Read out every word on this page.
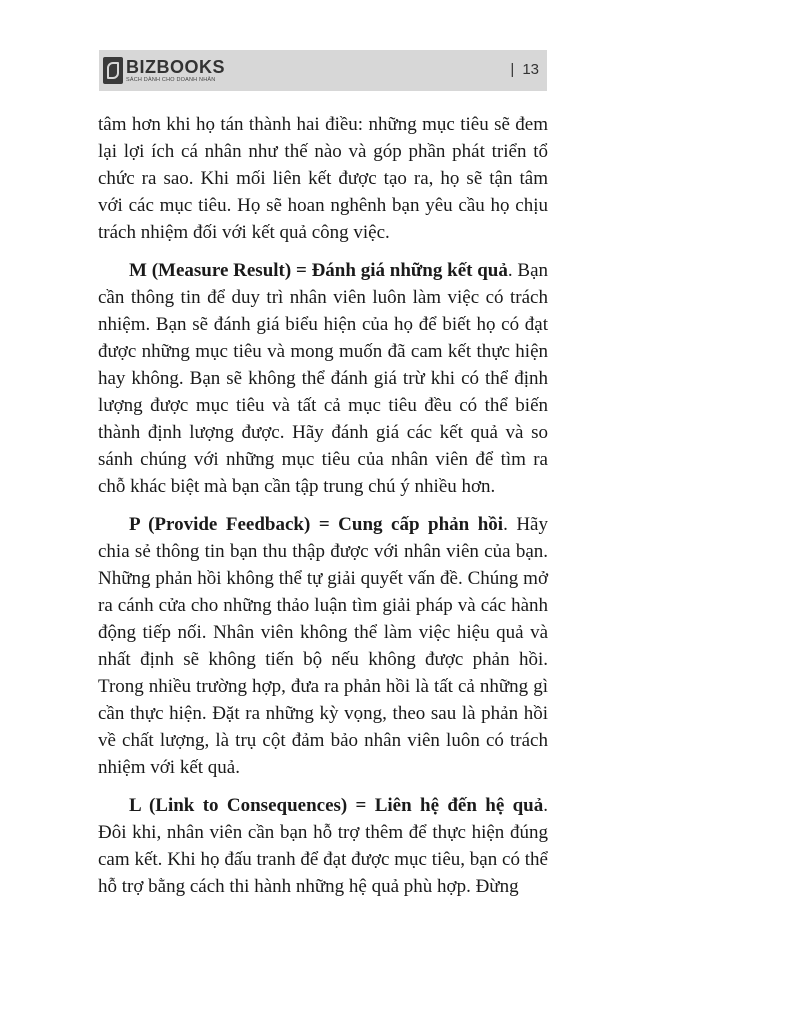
BIZBOOKS
SÁCH DÀNH CHO DOANH NHÂN
| 13

tâm hơn khi họ tán thành hai điều: những mục tiêu sẽ đem lại lợi ích cá nhân như thế nào và góp phần phát triển tổ chức ra sao. Khi mối liên kết được tạo ra, họ sẽ tận tâm với các mục tiêu. Họ sẽ hoan nghênh bạn yêu cầu họ chịu trách nhiệm đối với kết quả công việc.

M (Measure Result) = Đánh giá những kết quả. Bạn cần thông tin để duy trì nhân viên luôn làm việc có trách nhiệm. Bạn sẽ đánh giá biểu hiện của họ để biết họ có đạt được những mục tiêu và mong muốn đã cam kết thực hiện hay không. Bạn sẽ không thể đánh giá trừ khi có thể định lượng được mục tiêu và tất cả mục tiêu đều có thể biến thành định lượng được. Hãy đánh giá các kết quả và so sánh chúng với những mục tiêu của nhân viên để tìm ra chỗ khác biệt mà bạn cần tập trung chú ý nhiều hơn.

P (Provide Feedback) = Cung cấp phản hồi. Hãy chia sẻ thông tin bạn thu thập được với nhân viên của bạn. Những phản hồi không thể tự giải quyết vấn đề. Chúng mở ra cánh cửa cho những thảo luận tìm giải pháp và các hành động tiếp nối. Nhân viên không thể làm việc hiệu quả và nhất định sẽ không tiến bộ nếu không được phản hồi. Trong nhiều trường hợp, đưa ra phản hồi là tất cả những gì cần thực hiện. Đặt ra những kỳ vọng, theo sau là phản hồi về chất lượng, là trụ cột đảm bảo nhân viên luôn có trách nhiệm với kết quả.

L (Link to Consequences) = Liên hệ đến hệ quả. Đôi khi, nhân viên cần bạn hỗ trợ thêm để thực hiện đúng cam kết. Khi họ đấu tranh để đạt được mục tiêu, bạn có thể hỗ trợ bằng cách thi hành những hệ quả phù hợp. Đừng
